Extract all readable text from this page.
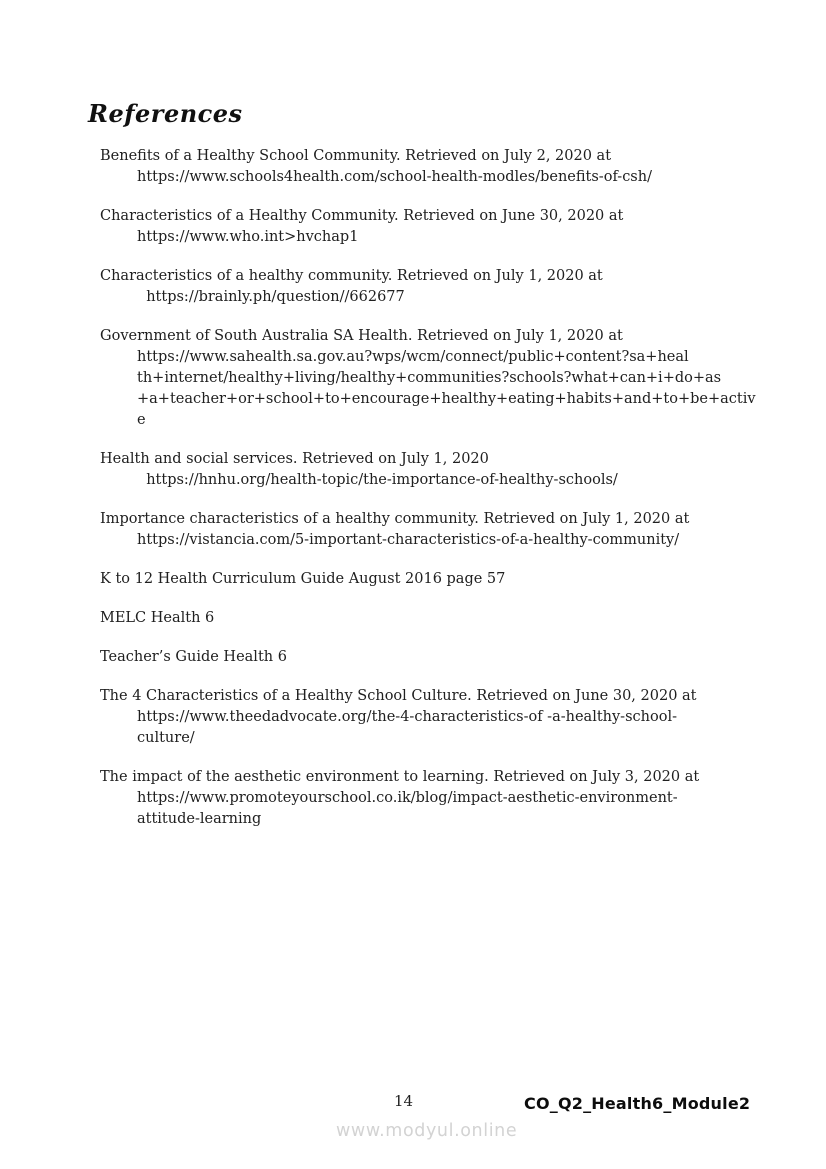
References
Benefits of a Healthy School Community. Retrieved on July 2, 2020 at
https://www.schools4health.com/school-health-modles/benefits-of-csh/
Characteristics of a Healthy Community. Retrieved on June 30, 2020 at
https://www.who.int>hvchap1
Characteristics of a healthy community. Retrieved on July 1, 2020 at
https://brainly.ph/question//662677
Government of South Australia SA Health. Retrieved on July 1, 2020 at
https://www.sahealth.sa.gov.au?wps/wcm/connect/public+content?sa+heal
th+internet/healthy+living/healthy+communities?schools?what+can+i+do+as
+a+teacher+or+school+to+encourage+healthy+eating+habits+and+to+be+activ
e
Health and social services. Retrieved on July 1, 2020
https://hnhu.org/health-topic/the-importance-of-healthy-schools/
Importance characteristics of a healthy community. Retrieved on July 1, 2020 at
https://vistancia.com/5-important-characteristics-of-a-healthy-community/
K to 12 Health Curriculum Guide August 2016 page 57
MELC Health 6
Teacher’s Guide Health 6
The 4 Characteristics of a Healthy School Culture. Retrieved on June 30, 2020 at
https://www.theedadvocate.org/the-4-characteristics-of -a-healthy-school-
culture/
The impact of the aesthetic environment to learning. Retrieved on July 3, 2020 at
https://www.promoteyourschool.co.ik/blog/impact-aesthetic-environment-
attitude-learning
14	CO_Q2_Health6_Module2
www.modyul.online
